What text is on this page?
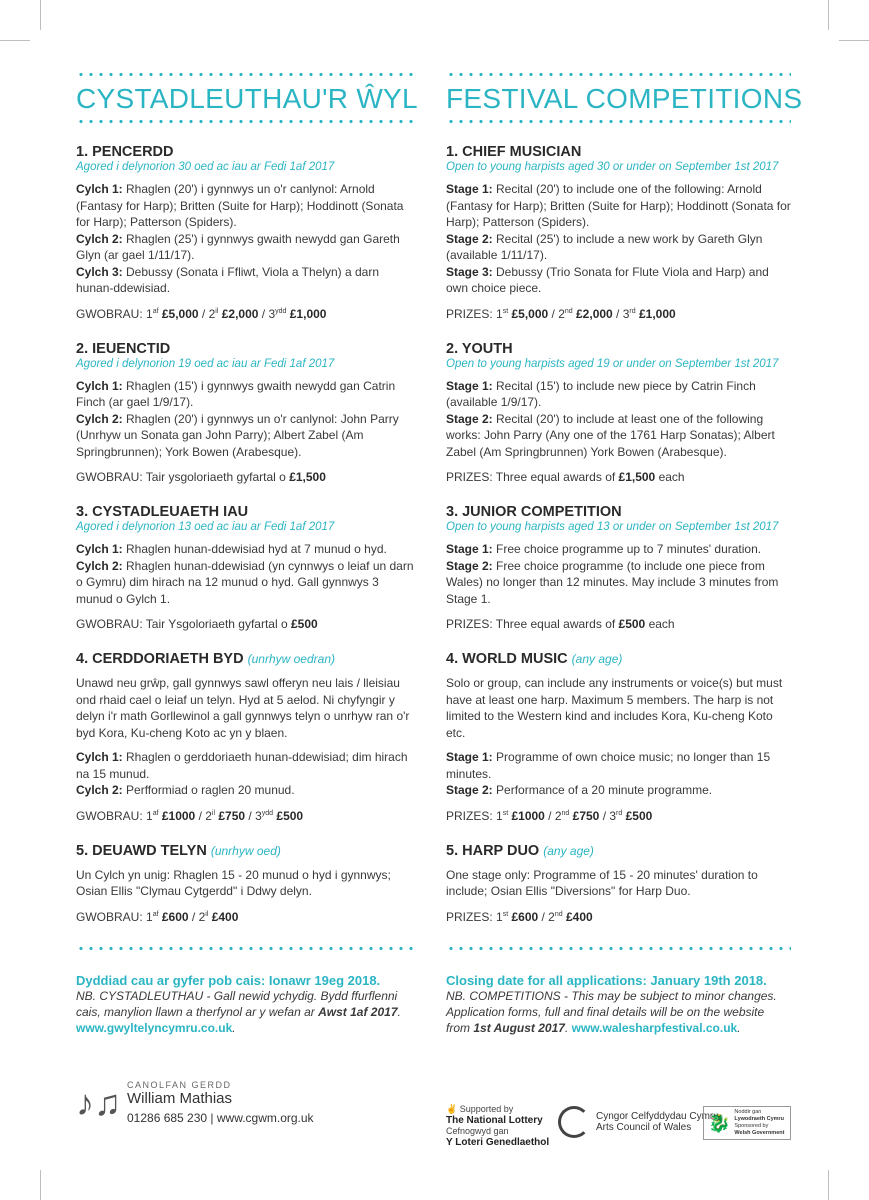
CYSTADLEUTHAU'R ŴYL
1. PENCERDD
Agored i delynorion 30 oed ac iau ar Fedi 1af 2017
Cylch 1: Rhaglen (20') i gynnwys un o'r canlynol: Arnold (Fantasy for Harp); Britten (Suite for Harp); Hoddinott (Sonata for Harp); Patterson (Spiders).
Cylch 2: Rhaglen (25') i gynnwys gwaith newydd gan Gareth Glyn (ar gael 1/11/17).
Cylch 3: Debussy (Sonata i Ffliwt, Viola a Thelyn) a darn hunan-ddewisiad.
GWOBRAU: $1^{af}$ £5,000 / $2^{il}$ £2,000 / $3^{ydd}$ £1,000
2. IEUENCTID
Agored i delynorion 19 oed ac iau ar Fedi 1af 2017
Cylch 1: Rhaglen (15') i gynnwys gwaith newydd gan Catrin Finch (ar gael 1/9/17).
Cylch 2: Rhaglen (20') i gynnwys un o'r canlynol: John Parry (Unrhyw un Sonata gan John Parry); Albert Zabel (Am Springbrunnen); York Bowen (Arabesque).
GWOBRAU: Tair ysgoloriaeth gyfartal o £1,500
3. CYSTADLEUAETH IAU
Agored i delynorion 13 oed ac iau ar Fedi 1af 2017
Cylch 1: Rhaglen hunan-ddewisiad hyd at 7 munud o hyd.
Cylch 2: Rhaglen hunan-ddewisiad (yn cynnwys o leiaf un darn o Gymru) dim hirach na 12 munud o hyd. Gall gynnwys 3 munud o Gylch 1.
GWOBRAU: Tair Ysgoloriaeth gyfartal o £500
4. CERDDORIAETH BYD (unrhyw oedran)
Unawd neu grŵp, gall gynnwys sawl offeryn neu lais / lleisiau ond rhaid cael o leiaf un telyn. Hyd at 5 aelod. Ni chyfyngir y delyn i'r math Gorllewinol a gall gynnwys telyn o unrhyw ran o'r byd Kora, Ku-cheng Koto ac yn y blaen.
Cylch 1: Rhaglen o gerddoriaeth hunan-ddewisiad; dim hirach na 15 munud.
Cylch 2: Perfformiad o raglen 20 munud.
GWOBRAU: $1^{af}$ £1000 / $2^{il}$ £750 / $3^{ydd}$ £500
5. DEUAWD TELYN (unrhyw oed)
Un Cylch yn unig: Rhaglen 15 - 20 munud o hyd i gynnwys; Osian Ellis "Clymau Cytgerdd" i Ddwy delyn.
GWOBRAU: $1^{af}$ £600 / $2^{il}$ £400
Dyddiad cau ar gyfer pob cais: Ionawr 19eg 2018.
NB. CYSTADLEUTHAU - Gall newid ychydig. Bydd ffurflenni cais, manylion llawn a therfynol ar y wefan ar Awst 1af 2017. www.gwyltelyncymru.co.uk.
FESTIVAL COMPETITIONS
1. CHIEF MUSICIAN
Open to young harpists aged 30 or under on September 1st 2017
Stage 1: Recital (20') to include one of the following: Arnold (Fantasy for Harp); Britten (Suite for Harp); Hoddinott (Sonata for Harp); Patterson (Spiders).
Stage 2: Recital (25') to include a new work by Gareth Glyn (available 1/11/17).
Stage 3: Debussy (Trio Sonata for Flute Viola and Harp) and own choice piece.
PRIZES: 1st £5,000 / 2nd £2,000 / 3rd £1,000
2. YOUTH
Open to young harpists aged 19 or under on September 1st 2017
Stage 1: Recital (15') to include new piece by Catrin Finch (available 1/9/17).
Stage 2: Recital (20') to include at least one of the following works: John Parry (Any one of the 1761 Harp Sonatas); Albert Zabel (Am Springbrunnen) York Bowen (Arabesque).
PRIZES: Three equal awards of £1,500 each
3. JUNIOR COMPETITION
Open to young harpists aged 13 or under on September 1st 2017
Stage 1: Free choice programme up to 7 minutes' duration.
Stage 2: Free choice programme (to include one piece from Wales) no longer than 12 minutes. May include 3 minutes from Stage 1.
PRIZES: Three equal awards of £500 each
4. WORLD MUSIC (any age)
Solo or group, can include any instruments or voice(s) but must have at least one harp. Maximum 5 members. The harp is not limited to the Western kind and includes Kora, Ku-cheng Koto etc.
Stage 1: Programme of own choice music; no longer than 15 minutes.
Stage 2: Performance of a 20 minute programme.
PRIZES: 1st £1000 / 2nd £750 / 3rd £500
5. HARP DUO (any age)
One stage only: Programme of 15 - 20 minutes' duration to include; Osian Ellis "Diversions" for Harp Duo.
PRIZES: 1st £600 / 2nd £400
Closing date for all applications: January 19th 2018.
NB. COMPETITIONS - This may be subject to minor changes. Application forms, full and final details will be on the website from 1st August 2017. www.walesharpfestival.co.uk.
♪♫ CANOLFAN GERDD
William Mathias
01286 685 230 | www.cgwm.org.uk
✌ Supported by
The National Lottery
Cefnogwyd gan
Y Loteri Genedlaethol
Cyngor Celfyddydau Cymru
Arts Council of Wales 🐉
Noddir gan
Lywodraeth Cymru
Sponsored by
Welsh Government
